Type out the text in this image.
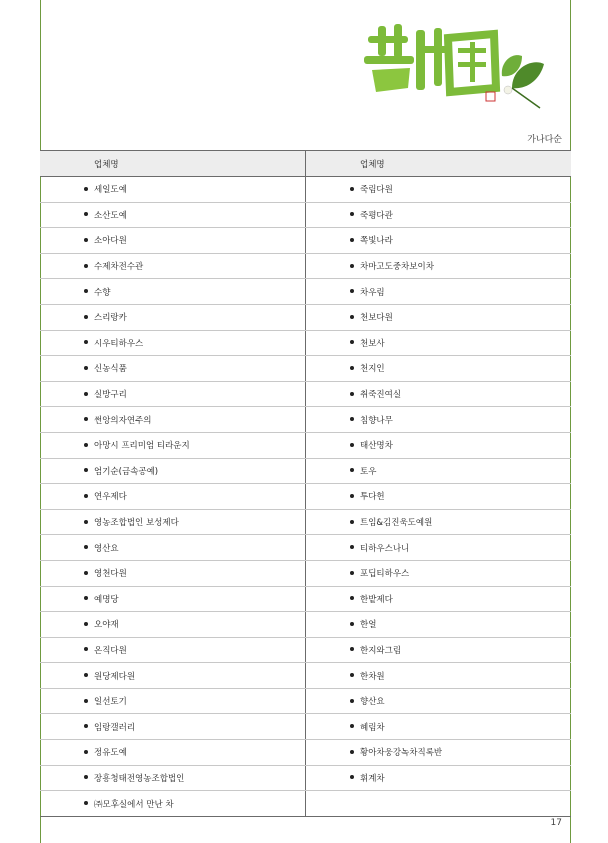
가나다순
업체명	업체명
세일도예	죽림다원
소산도예	죽평다관
소아다원	쪽빛나라
수제차전수관	차마고도중차보이차
수향	차우림
스리랑카	천보다원
시우티하우스	천보사
신농식품	천지인
실방구리	취죽진여실
썬앙의자연주의	침향나무
아망시 프리미엄 티라운지	태산명차
엄기순(금속공예)	토우
연우제다	투다헌
영농조합법인 보성제다	트임&김진욱도예원
영산요	티하우스나니
영천다원	포딥티하우스
예명당	한밭제다
오야재	한얼
온직다원	한지와그림
원당제다원	한차원
일선토기	향산요
임랑갤러리	혜림차
정유도예	황아차웅강녹차직록반
장흥청태전영농조합법인	휘계차
㈜모후실에서 만난 차	
17
